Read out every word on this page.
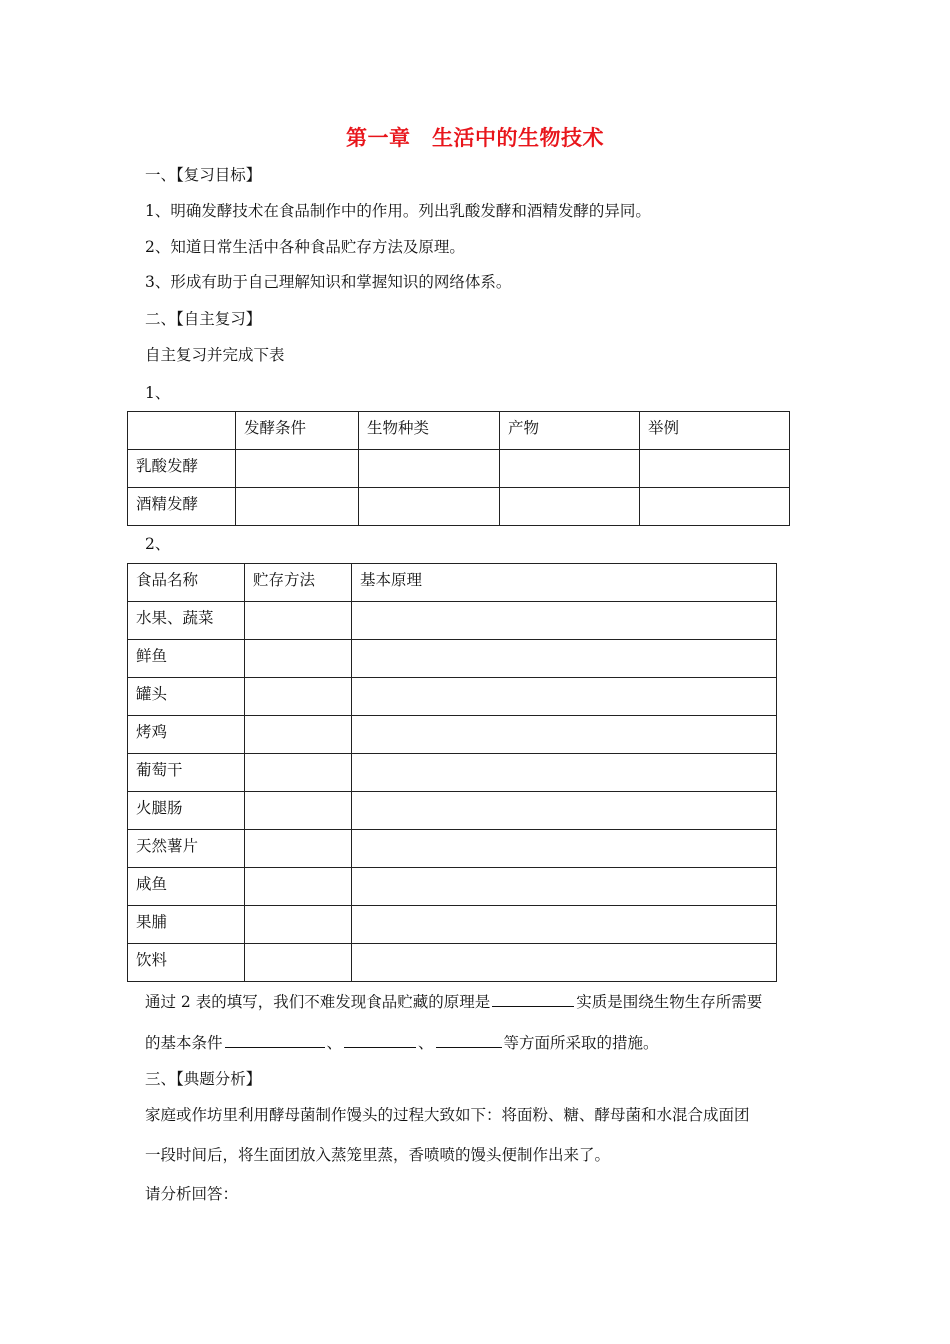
第一章　生活中的生物技术
一、【复习目标】
1、明确发酵技术在食品制作中的作用。列出乳酸发酵和酒精发酵的异同。
2、知道日常生活中各种食品贮存方法及原理。
3、形成有助于自己理解知识和掌握知识的网络体系。
二、【自主复习】
自主复习并完成下表
1、
	发酵条件	生物种类	产物	举例
乳酸发酵				
酒精发酵				
2、
食品名称	贮存方法	基本原理
水果、蔬菜		
鲜鱼		
罐头		
烤鸡		
葡萄干		
火腿肠		
天然薯片		
咸鱼		
果脯		
饮料		
通过 2 表的填写，我们不难发现食品贮藏的原理是	实质是围绕生物生存所需要
的基本条件	、	、	等方面所采取的措施。
三、【典题分析】
家庭或作坊里利用酵母菌制作馒头的过程大致如下：将面粉、糖、酵母菌和水混合成面团
一段时间后，将生面团放入蒸笼里蒸，香喷喷的馒头便制作出来了。
请分析回答：
